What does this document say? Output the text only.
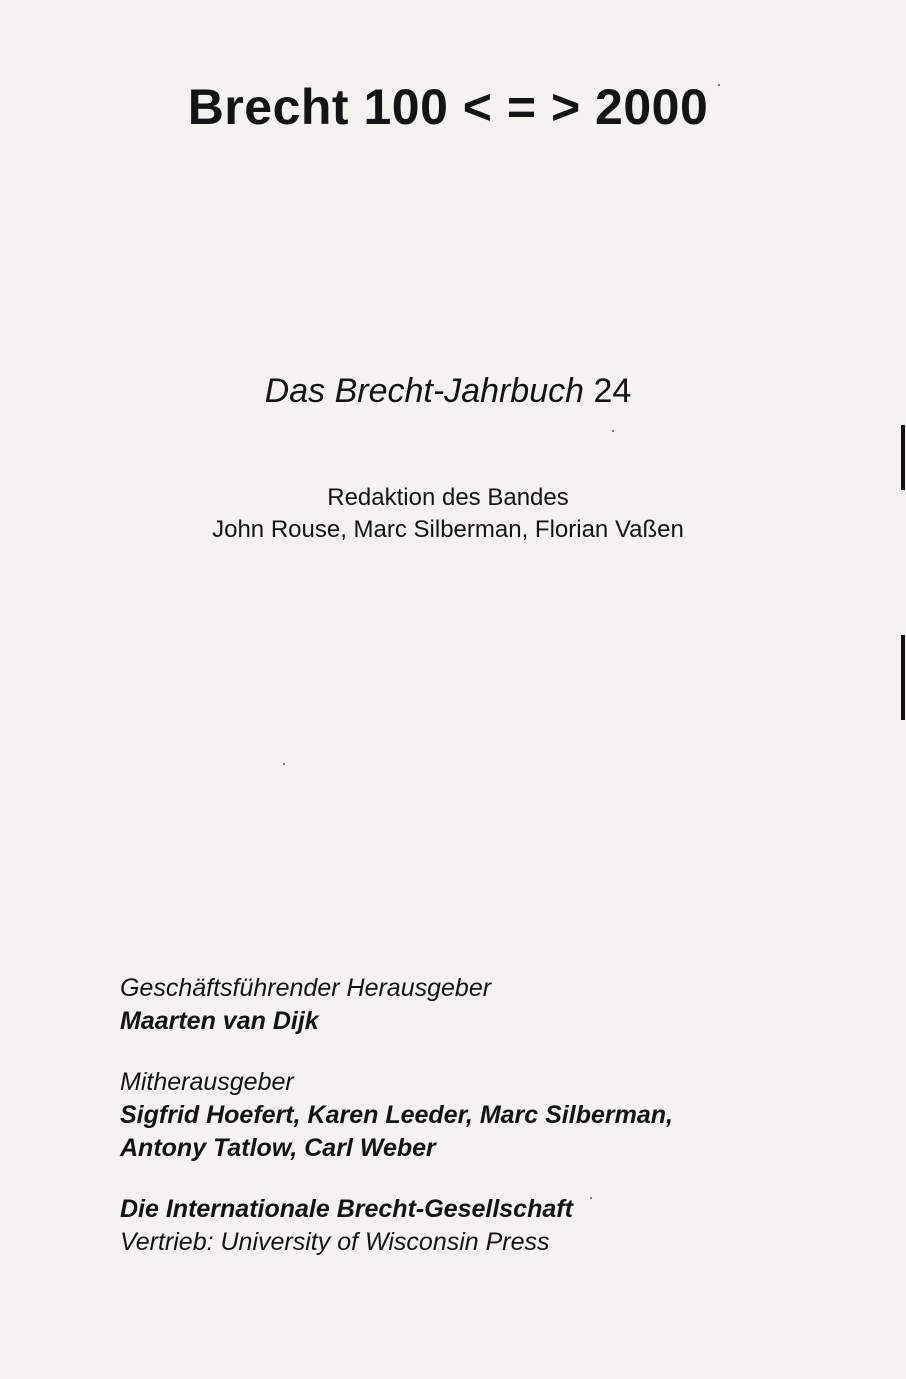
Brecht 100 < = > 2000
Das Brecht-Jahrbuch 24
Redaktion des Bandes
John Rouse, Marc Silberman, Florian Vaßen
Geschäftsführender Herausgeber
Maarten van Dijk
Mitherausgeber
Sigfrid Hoefert, Karen Leeder, Marc Silberman,
Antony Tatlow, Carl Weber
Die Internationale Brecht-Gesellschaft
Vertrieb: University of Wisconsin Press
